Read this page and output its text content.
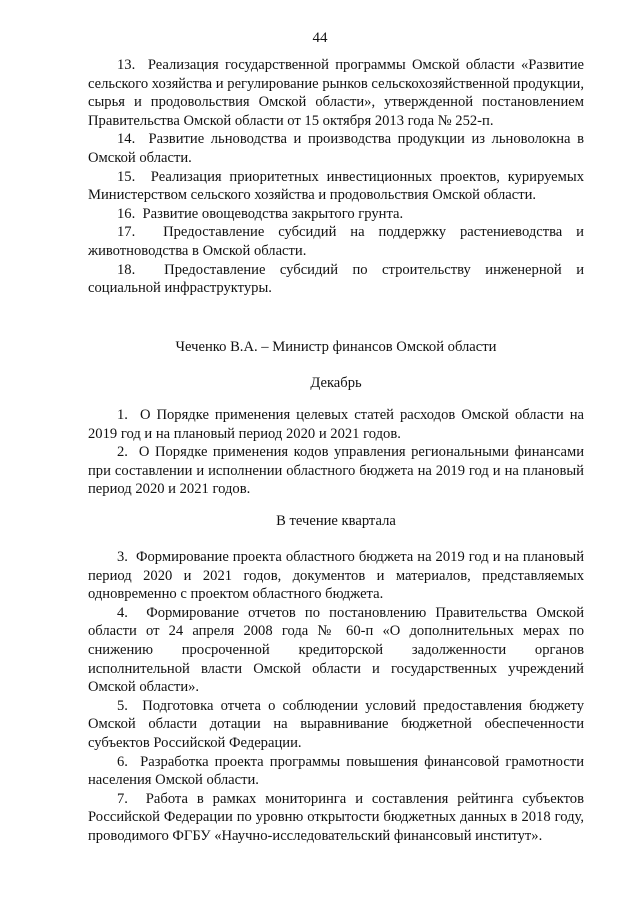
44

13. Реализация государственной программы Омской области «Развитие сельского хозяйства и регулирование рынков сельскохозяйственной продукции, сырья и продовольствия Омской области», утвержденной постановлением Правительства Омской области от 15 октября 2013 года № 252-п.

14. Развитие льноводства и производства продукции из льноволокна в Омской области.

15. Реализация приоритетных инвестиционных проектов, курируемых Министерством сельского хозяйства и продовольствия Омской области.

16. Развитие овощеводства закрытого грунта.

17. Предоставление субсидий на поддержку растениеводства и животноводства в Омской области.

18. Предоставление субсидий по строительству инженерной и социальной инфраструктуры.

Чеченко В.А. – Министр финансов Омской области
Декабрь

1. О Порядке применения целевых статей расходов Омской области на 2019 год и на плановый период 2020 и 2021 годов.

2. О Порядке применения кодов управления региональными финансами при составлении и исполнении областного бюджета на 2019 год и на плановый период 2020 и 2021 годов.

В течение квартала

3. Формирование проекта областного бюджета на 2019 год и на плановый период 2020 и 2021 годов, документов и материалов, представляемых одновременно с проектом областного бюджета.

4. Формирование отчетов по постановлению Правительства Омской области от 24 апреля 2008 года № 60-п «О дополнительных мерах по снижению просроченной кредиторской задолженности органов исполнительной власти Омской области и государственных учреждений Омской области».

5. Подготовка отчета о соблюдении условий предоставления бюджету Омской области дотации на выравнивание бюджетной обеспеченности субъектов Российской Федерации.

6. Разработка проекта программы повышения финансовой грамотности населения Омской области.

7. Работа в рамках мониторинга и составления рейтинга субъектов Российской Федерации по уровню открытости бюджетных данных в 2018 году, проводимого ФГБУ «Научно-исследовательский финансовый институт».
